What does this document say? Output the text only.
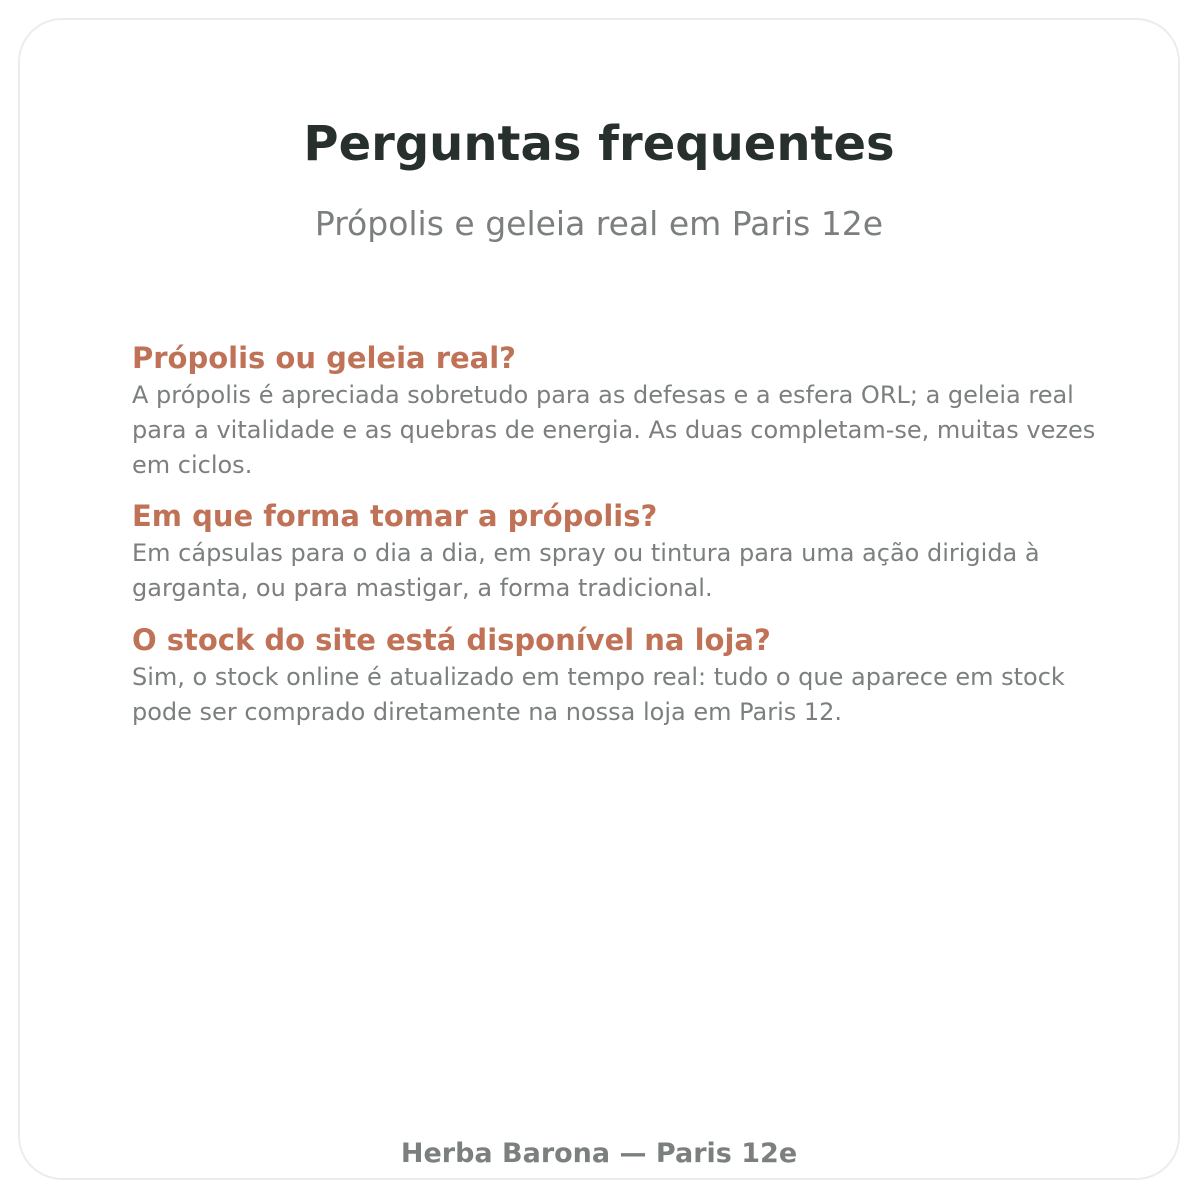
Perguntas frequentes

Própolis e geleia real em Paris 12e

Própolis ou geleia real?

A própolis é apreciada sobretudo para as defesas e a esfera ORL; a geleia real para a vitalidade e as quebras de energia. As duas completam-se, muitas vezes em ciclos.

Em que forma tomar a própolis?

Em cápsulas para o dia a dia, em spray ou tintura para uma ação dirigida à garganta, ou para mastigar, a forma tradicional.

O stock do site está disponível na loja?

Sim, o stock online é atualizado em tempo real: tudo o que aparece em stock pode ser comprado diretamente na nossa loja em Paris 12.

Herba Barona — Paris 12e
